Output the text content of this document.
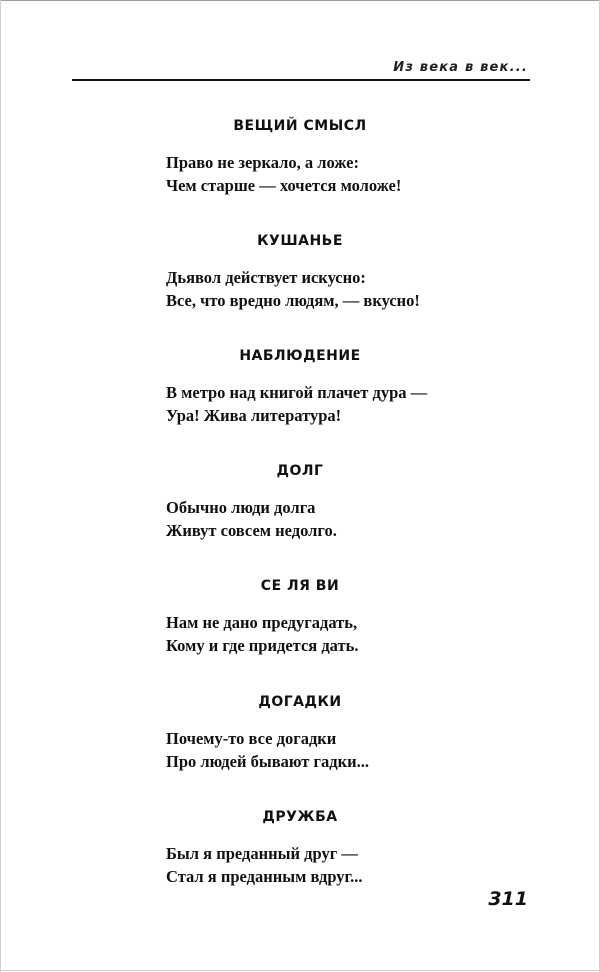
Из века в век...
ВЕЩИЙ СМЫСЛ
Право не зеркало, а ложе:
Чем старше — хочется моложе!
КУШАНЬЕ
Дьявол действует искусно:
Все, что вредно людям, — вкусно!
НАБЛЮДЕНИЕ
В метро над книгой плачет дура —
Ура! Жива литература!
ДОЛГ
Обычно люди долга
Живут совсем недолго.
СЕ ЛЯ ВИ
Нам не дано предугадать,
Кому и где придется дать.
ДОГАДКИ
Почему-то все догадки
Про людей бывают гадки...
ДРУЖБА
Был я преданный друг —
Стал я преданным вдруг...
311
